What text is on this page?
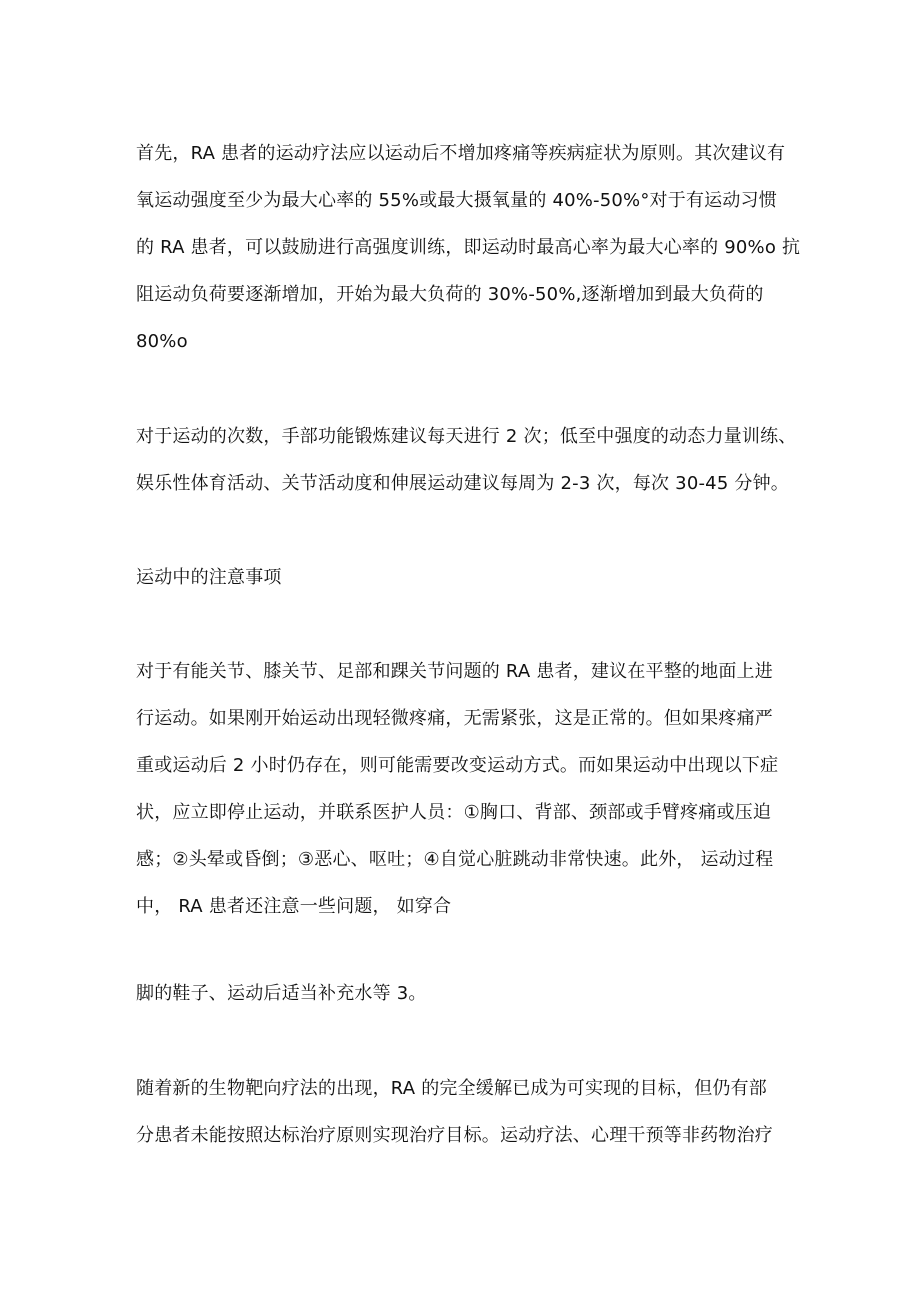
首先，RA 患者的运动疗法应以运动后不增加疼痛等疾病症状为原则。其次建议有

氧运动强度至少为最大心率的 55%或最大摄氧量的 40%-50%°对于有运动习惯

的 RA 患者，可以鼓励进行高强度训练，即运动时最高心率为最大心率的 90%o 抗

阻运动负荷要逐渐增加，开始为最大负荷的 30%-50%,逐渐增加到最大负荷的

80%o

对于运动的次数，手部功能锻炼建议每天进行 2 次；低至中强度的动态力量训练、

娱乐性体育活动、关节活动度和伸展运动建议每周为 2-3 次，每次 30-45 分钟。

运动中的注意事项

对于有能关节、膝关节、足部和踝关节问题的 RA 患者，建议在平整的地面上进

行运动。如果刚开始运动出现轻微疼痛，无需紧张，这是正常的。但如果疼痛严

重或运动后 2 小时仍存在，则可能需要改变运动方式。而如果运动中出现以下症

状，应立即停止运动，并联系医护人员：①胸口、背部、颈部或手臂疼痛或压迫

感；②头晕或昏倒；③恶心、呕吐；④自觉心脏跳动非常快速。此外， 运动过程

中， RA 患者还注意一些问题， 如穿合

脚的鞋子、运动后适当补充水等 3。

随着新的生物靶向疗法的出现，RA 的完全缓解已成为可实现的目标，但仍有部

分患者未能按照达标治疗原则实现治疗目标。运动疗法、心理干预等非药物治疗
